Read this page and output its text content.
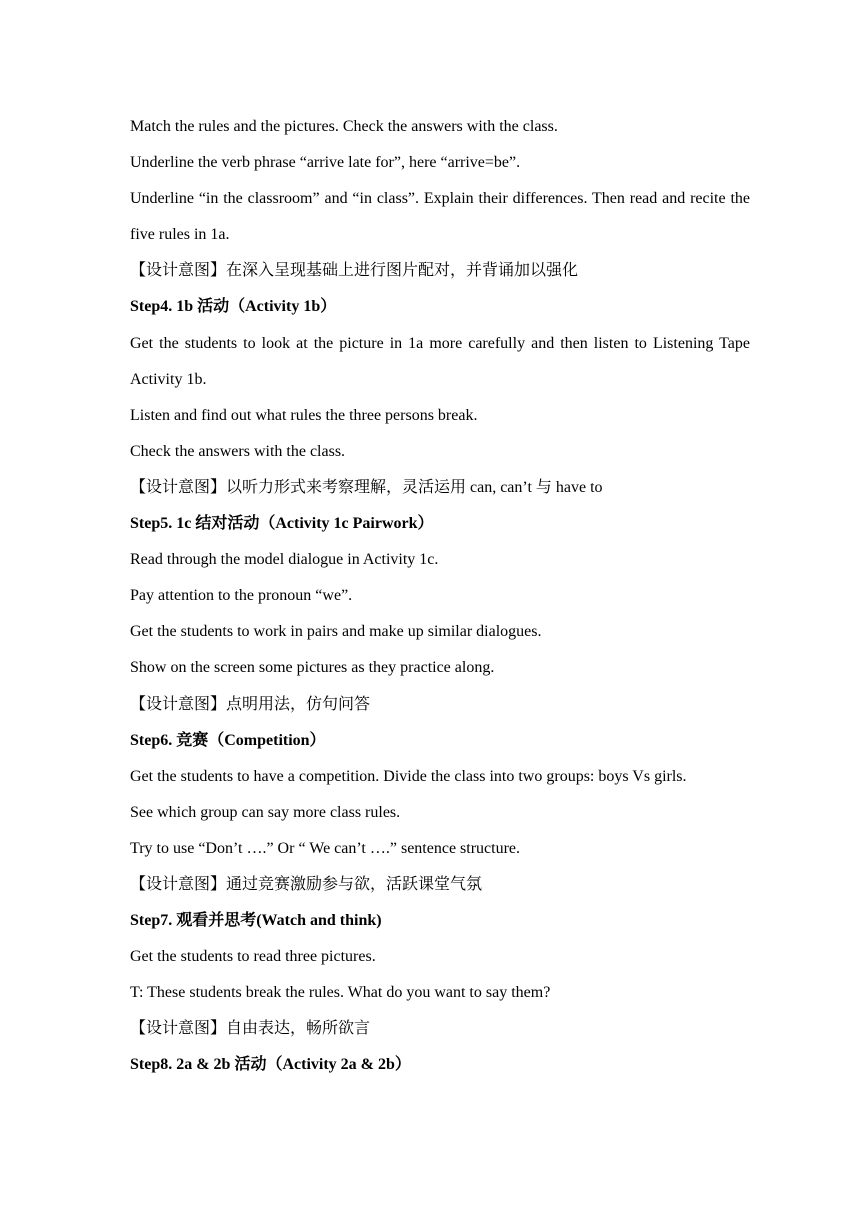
Match the rules and the pictures. Check the answers with the class.

Underline the verb phrase “arrive late for”, here “arrive=be”.

Underline “in the classroom” and “in class”. Explain their differences. Then read and recite the five rules in 1a.

【设计意图】在深入呈现基础上进行图片配对，并背诵加以强化

Step4. 1b 活动（Activity 1b）

Get the students to look at the picture in 1a more carefully and then listen to Listening Tape Activity 1b.

Listen and find out what rules the three persons break.

Check the answers with the class.

【设计意图】以听力形式来考察理解，灵活运用 can, can’t 与 have to

Step5. 1c 结对活动（Activity 1c Pairwork）

Read through the model dialogue in Activity 1c.

Pay attention to the pronoun “we”.

Get the students to work in pairs and make up similar dialogues.

Show on the screen some pictures as they practice along.

【设计意图】点明用法，仿句问答

Step6. 竞赛（Competition）

Get the students to have a competition. Divide the class into two groups: boys Vs girls.

See which group can say more class rules.

Try to use “Don’t ….” Or “ We can’t ….” sentence structure.

【设计意图】通过竞赛激励参与欲，活跃课堂气氛

Step7. 观看并思考(Watch and think)

Get the students to read three pictures.

T: These students break the rules. What do you want to say them?

【设计意图】自由表达，畅所欲言

Step8. 2a & 2b 活动（Activity 2a & 2b）
